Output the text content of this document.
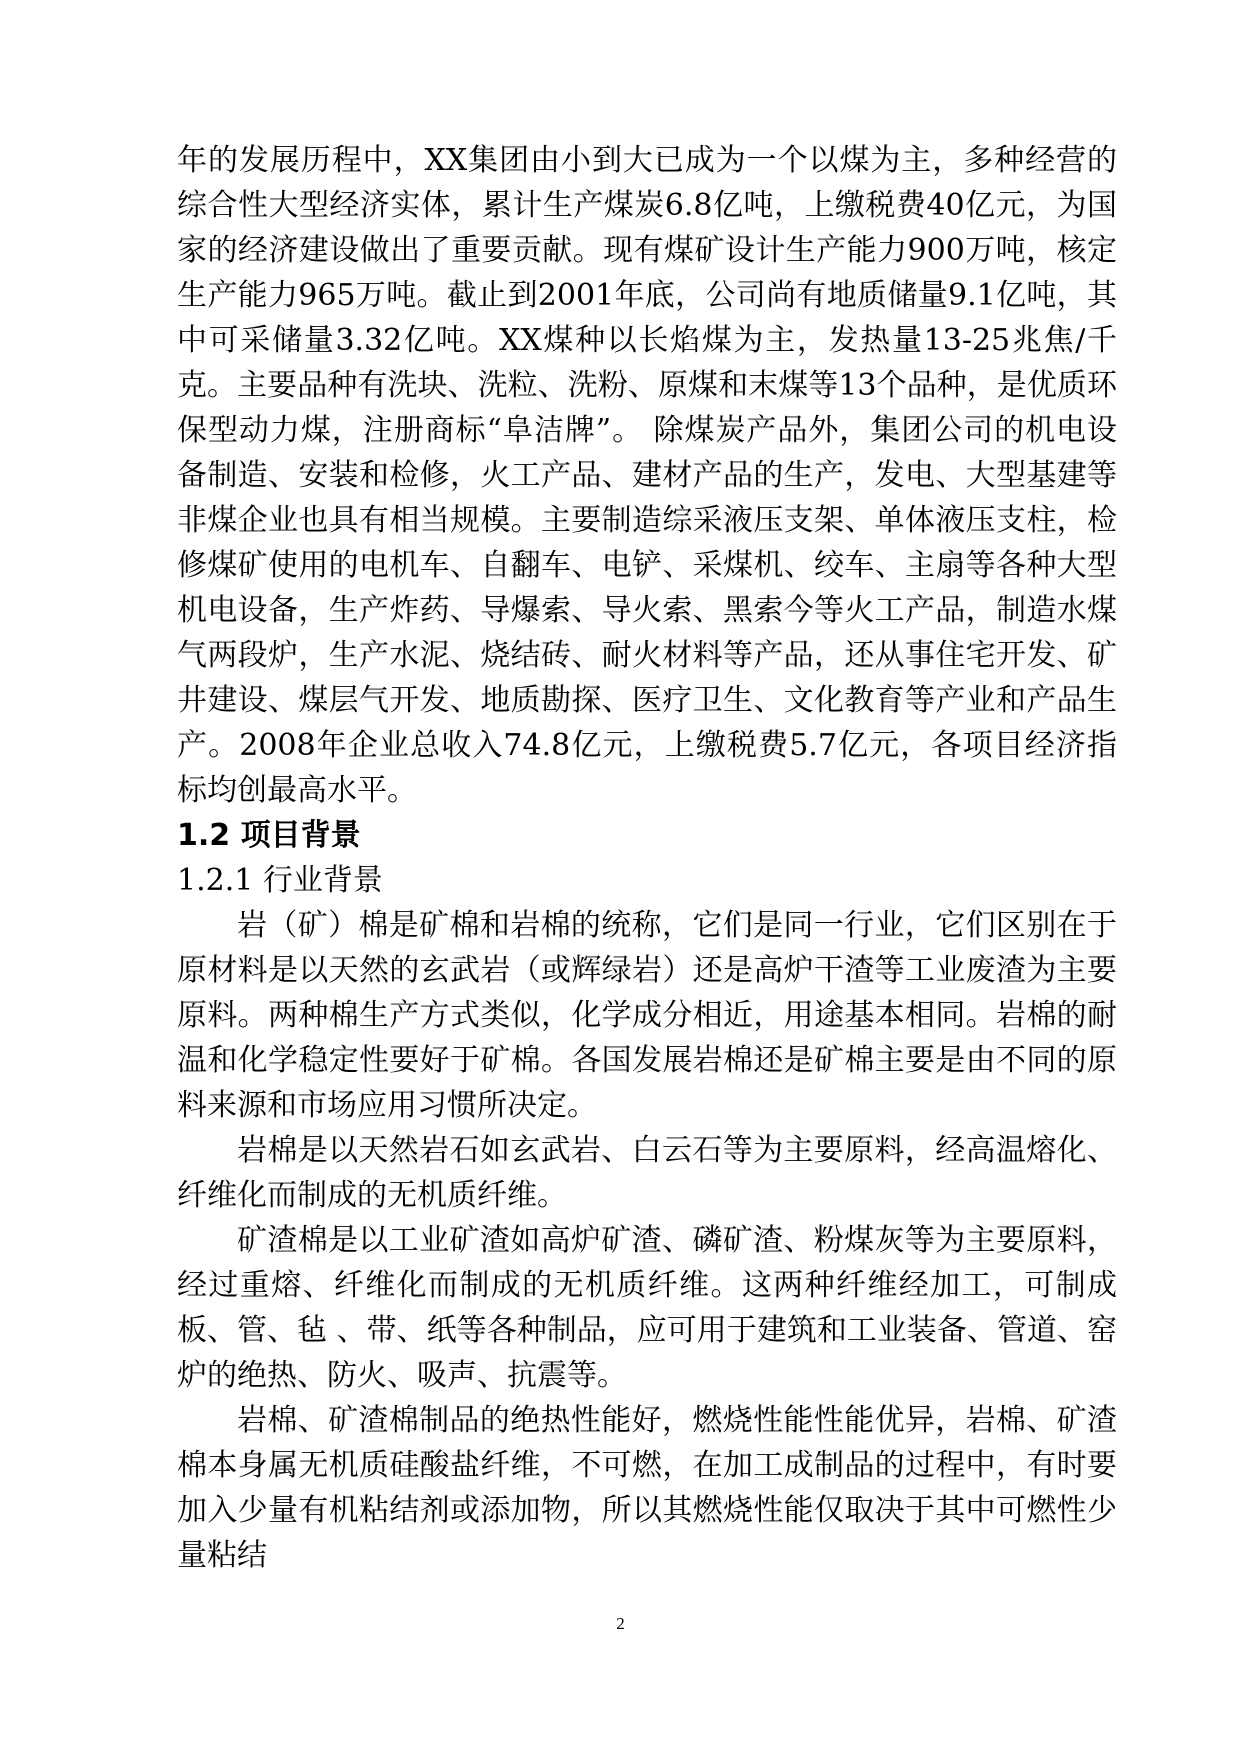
年的发展历程中，XX集团由小到大已成为一个以煤为主，多种经营的综合性大型经济实体，累计生产煤炭6.8亿吨，上缴税费40亿元，为国家的经济建设做出了重要贡献。现有煤矿设计生产能力900万吨，核定生产能力965万吨。截止到2001年底，公司尚有地质储量9.1亿吨，其中可采储量3.32亿吨。XX煤种以长焰煤为主，发热量13-25兆焦/千克。主要品种有洗块、洗粒、洗粉、原煤和末煤等13个品种，是优质环保型动力煤，注册商标“阜洁牌”。 除煤炭产品外，集团公司的机电设备制造、安装和检修，火工产品、建材产品的生产，发电、大型基建等非煤企业也具有相当规模。主要制造综采液压支架、单体液压支柱，检修煤矿使用的电机车、自翻车、电铲、采煤机、绞车、主扇等各种大型机电设备，生产炸药、导爆索、导火索、黑索今等火工产品，制造水煤气两段炉，生产水泥、烧结砖、耐火材料等产品，还从事住宅开发、矿井建设、煤层气开发、地质勘探、医疗卫生、文化教育等产业和产品生产。2008年企业总收入74.8亿元，上缴税费5.7亿元，各项目经济指标均创最高水平。

1.2 项目背景

1.2.1 行业背景

岩（矿）棉是矿棉和岩棉的统称，它们是同一行业，它们区别在于原材料是以天然的玄武岩（或辉绿岩）还是高炉干渣等工业废渣为主要原料。两种棉生产方式类似，化学成分相近，用途基本相同。岩棉的耐温和化学稳定性要好于矿棉。各国发展岩棉还是矿棉主要是由不同的原料来源和市场应用习惯所决定。

岩棉是以天然岩石如玄武岩、白云石等为主要原料，经高温熔化、纤维化而制成的无机质纤维。

矿渣棉是以工业矿渣如高炉矿渣、磷矿渣、粉煤灰等为主要原料，经过重熔、纤维化而制成的无机质纤维。这两种纤维经加工，可制成板、管、毡 、带、纸等各种制品，应可用于建筑和工业装备、管道、窑炉的绝热、防火、吸声、抗震等。

岩棉、矿渣棉制品的绝热性能好，燃烧性能性能优异，岩棉、矿渣棉本身属无机质硅酸盐纤维，不可燃，在加工成制品的过程中，有时要加入少量有机粘结剂或添加物，所以其燃烧性能仅取决于其中可燃性少量粘结

2
